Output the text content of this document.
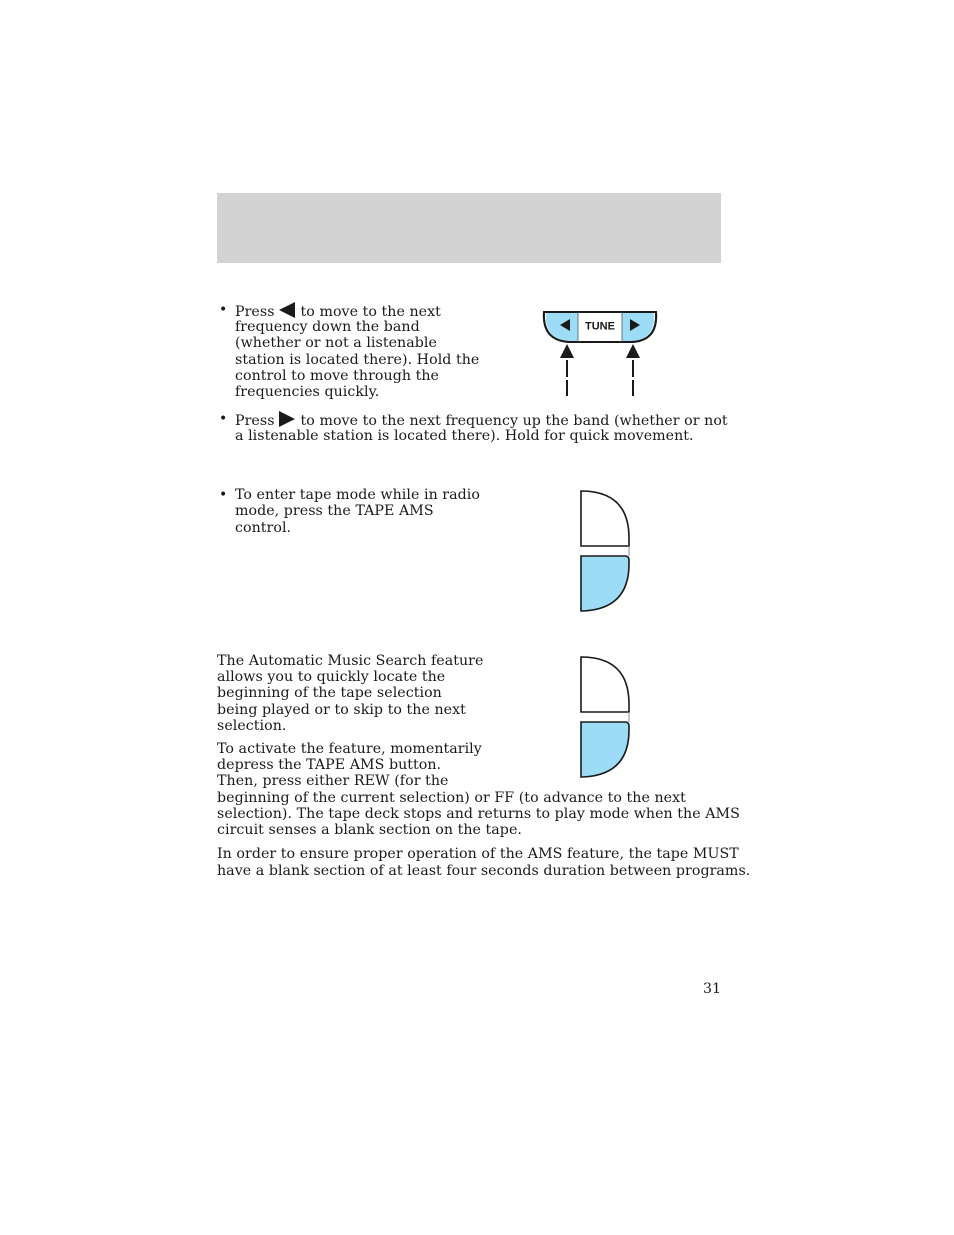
• Press to move to the next
frequency down the band
(whether or not a listenable
station is located there). Hold the
control to move through the
frequencies quickly.
• Press to move to the next frequency up the band (whether or not
a listenable station is located there). Hold for quick movement.
TUNE
• To enter tape mode while in radio
mode, press the TAPE AMS
control.
The Automatic Music Search feature
allows you to quickly locate the
beginning of the tape selection
being played or to skip to the next
selection.
To activate the feature, momentarily
depress the TAPE AMS button.
Then, press either REW (for the
beginning of the current selection) or FF (to advance to the next
selection). The tape deck stops and returns to play mode when the AMS
circuit senses a blank section on the tape.
In order to ensure proper operation of the AMS feature, the tape MUST
have a blank section of at least four seconds duration between programs.
31
